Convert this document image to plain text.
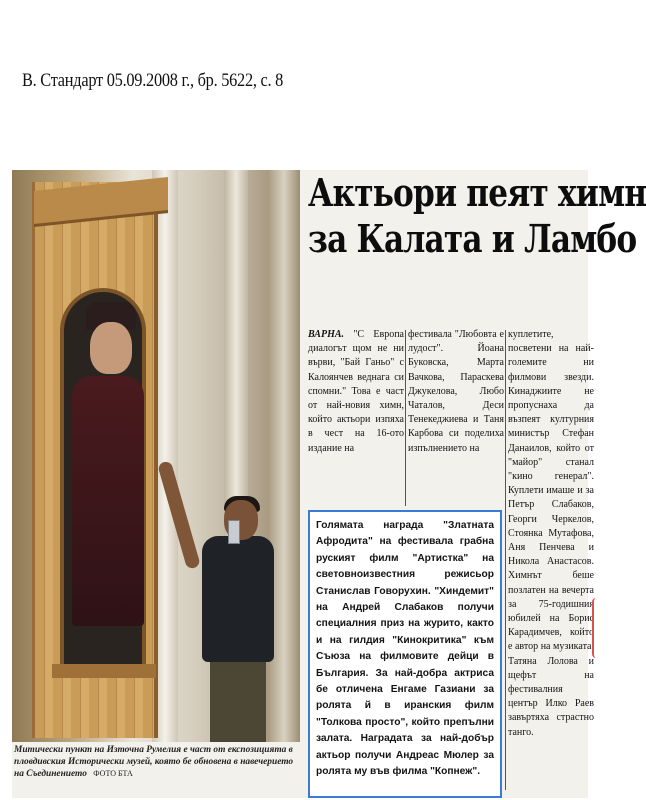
В. Стандарт 05.09.2008 г., бр. 5622, с. 8
Митически пункт на Източна Румелия е част от експозицията в пловдивския Исторически музей, която бе обновена в навечерието на Съединението ФОТО БТА
Актьори пеят химн
за Калата и Ламбо
ВАРНА. "С Европа диалогът щом не ни върви, "Бай Ганьо" с Калоянчев веднага си спомни." Това е част от най-новия химн, който актьори изпяха в чест на 16-ото издание на
фестивала "Любовта е лудост". Йоана Буковска, Марта Вачкова, Параскева Джукелова, Любо Чаталов, Деси Тенекеджиева и Таня Карбова си поделиха изпълнението на
куплетите, посветени на най-големите ни филмови звезди. Кинаджиите не пропуснаха да възпеят културния министър Стефан Данаилов, който от "майор" станал "кино генерал". Куплети имаше и за Петър Слабаков, Георги Черкелов, Стоянка Мутафова, Аня Пенчева и Никола Анастасов. Химнът беше позлатен на вечерта за 75-годишния юбилей на Борис Карадимчев, който е автор на музиката. Татяна Лолова и щефът на фестивалния център Илко Раев завъртяха страстно танго.
Голямата награда "Златната Афродита" на фестивала грабна руският филм "Артистка" на световноизвестния режисьор Станислав Говорухин. "Хиндемит" на Андрей Слабаков получи специалния приз на журито, както и на гилдия "Кинокритика" към Съюза на филмовите дейци в България. За най-добра актриса бе отличена Енгаме Газиани за ролята й в иранския филм "Толкова просто", който препълни залата. Наградата за най-добър актьор получи Андреас Мюлер за ролята му във филма "Копнеж".
